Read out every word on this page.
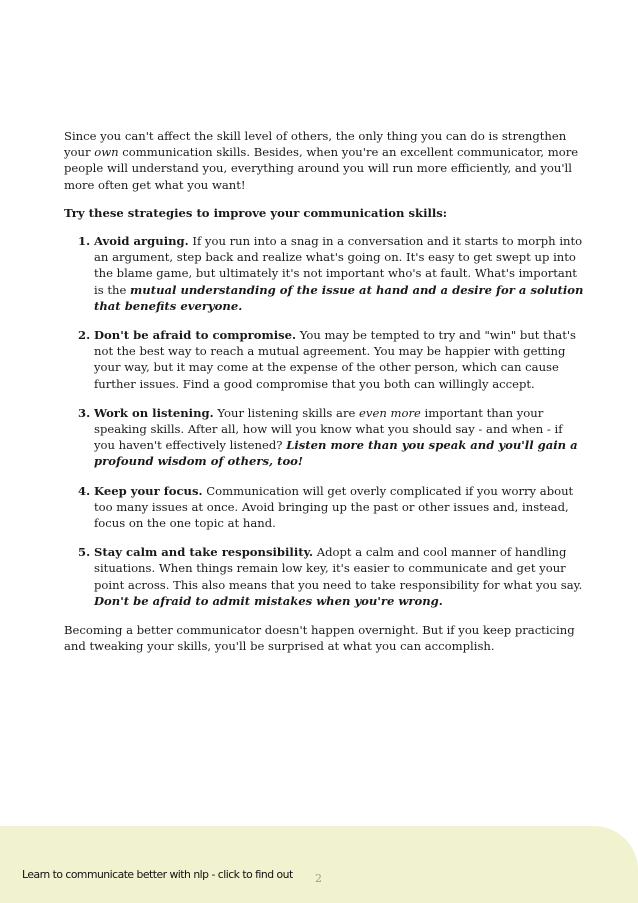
Since you can't affect the skill level of others, the only thing you can do is strengthen your own communication skills. Besides, when you're an excellent communicator, more people will understand you, everything around you will run more efficiently, and you'll more often get what you want!

Try these strategies to improve your communication skills:

1. Avoid arguing. If you run into a snag in a conversation and it starts to morph into an argument, step back and realize what's going on. It's easy to get swept up into the blame game, but ultimately it's not important who's at fault. What's important is the mutual understanding of the issue at hand and a desire for a solution that benefits everyone.
2. Don't be afraid to compromise. You may be tempted to try and "win" but that's not the best way to reach a mutual agreement. You may be happier with getting your way, but it may come at the expense of the other person, which can cause further issues. Find a good compromise that you both can willingly accept.
3. Work on listening. Your listening skills are even more important than your speaking skills. After all, how will you know what you should say - and when - if you haven't effectively listened? Listen more than you speak and you'll gain a profound wisdom of others, too!
4. Keep your focus. Communication will get overly complicated if you worry about too many issues at once. Avoid bringing up the past or other issues and, instead, focus on the one topic at hand.
5. Stay calm and take responsibility. Adopt a calm and cool manner of handling situations. When things remain low key, it's easier to communicate and get your point across. This also means that you need to take responsibility for what you say. Don't be afraid to admit mistakes when you're wrong.

Becoming a better communicator doesn't happen overnight. But if you keep practicing and tweaking your skills, you'll be surprised at what you can accomplish.

Learn to communicate better with nlp - click to find out 2
